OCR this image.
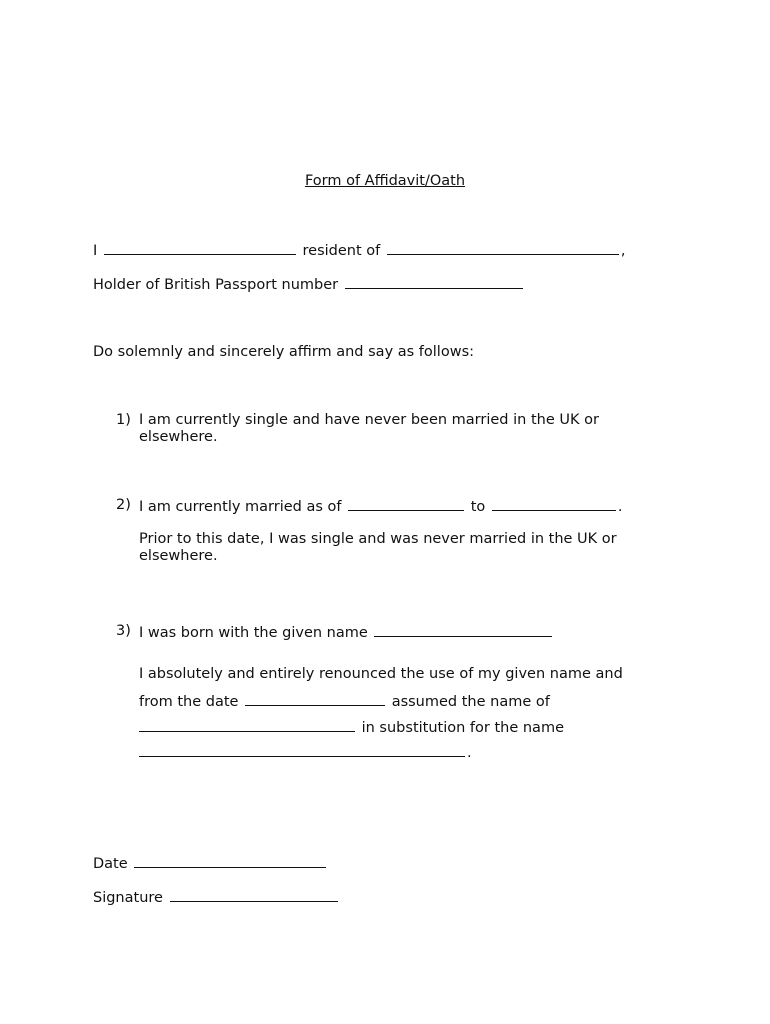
Form of Affidavit/Oath
I	resident of	,
Holder of British Passport number
Do solemnly and sincerely affirm and say as follows:
1) I am currently single and have never been married in the UK or
elsewhere.
2) I am currently married as of	to	.
Prior to this date, I was single and was never married in the UK or
elsewhere.
3) I was born with the given name
I absolutely and entirely renounced the use of my given name and
from the date	assumed the name of
in substitution for the name
.
Date
Signature
